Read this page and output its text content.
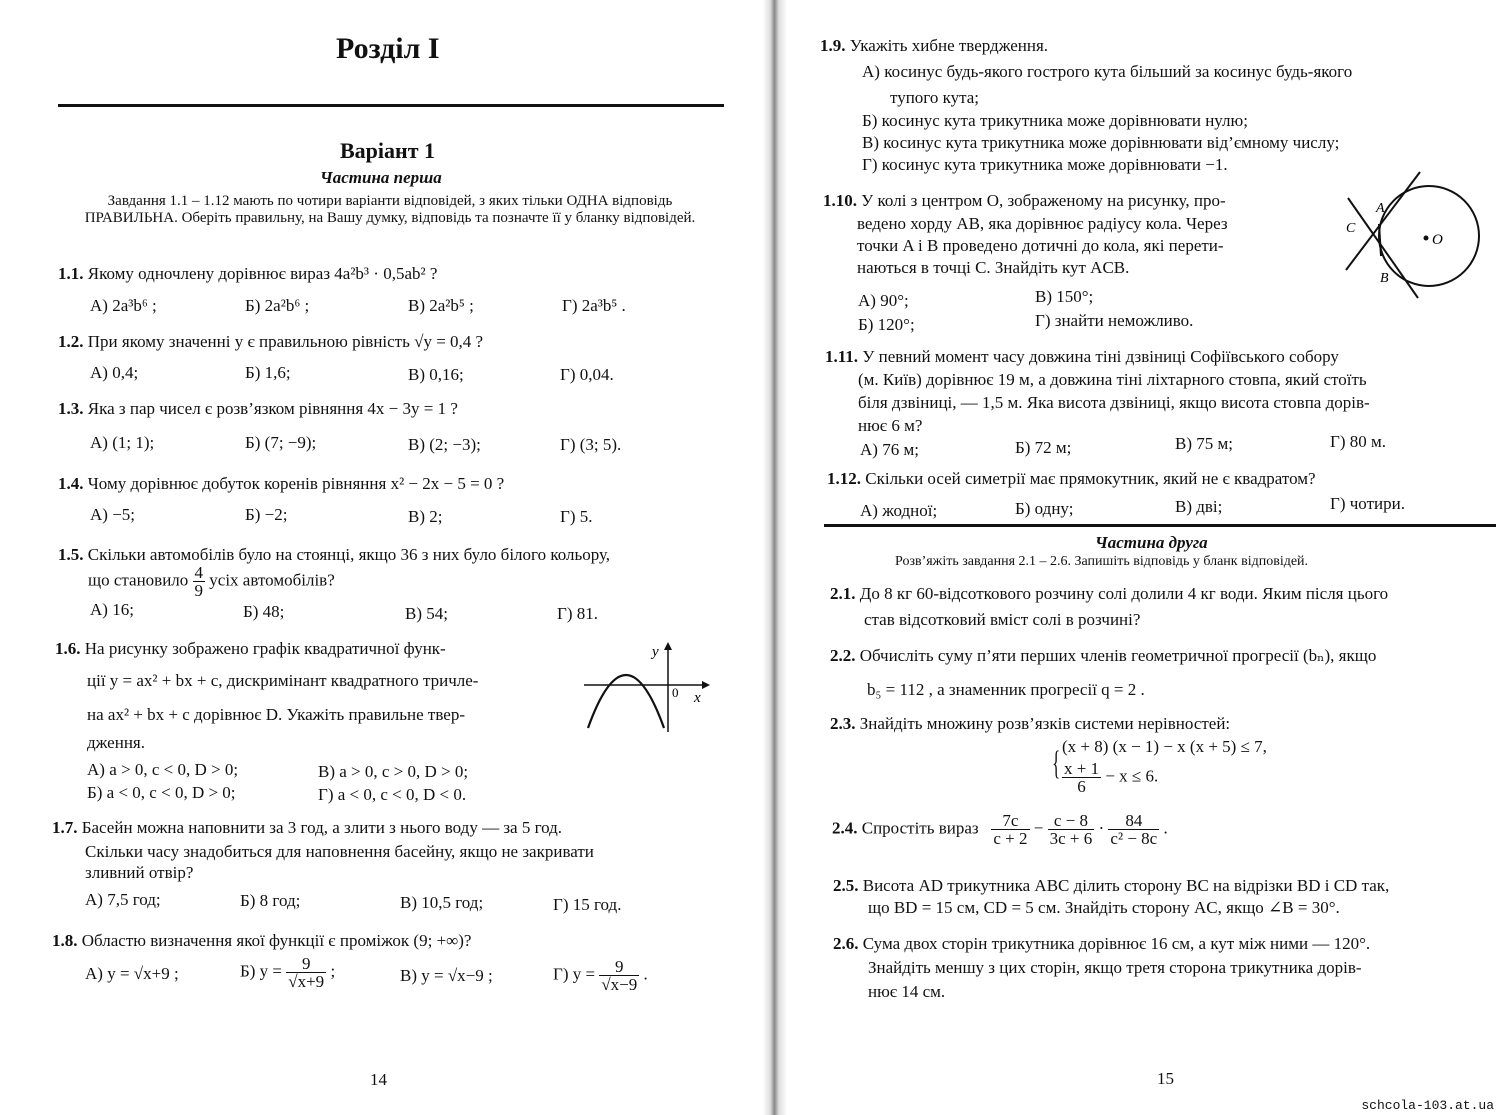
Розділ І
Варіант 1
Частина перша
Завдання 1.1 – 1.12 мають по чотири варіанти відповідей, з яких тільки ОДНА відповідь ПРАВИЛЬНА. Оберіть правильну, на Вашу думку, відповідь та позначте її у бланку відповідей.
1.1. Якому одночлену дорівнює вираз 4a²b³ · 0,5ab² ?
А) 2a³b⁶ ;	Б) 2a²b⁶ ;	В) 2a²b⁵ ;	Г) 2a³b⁵ .
1.2. При якому значенні y є правильною рівність √y = 0,4 ?
А) 0,4;	Б) 1,6;	В) 0,16;	Г) 0,04.
1.3. Яка з пар чисел є розв’язком рівняння 4x − 3y = 1 ?
А) (1; 1);	Б) (7; −9);	В) (2; −3);	Г) (3; 5).
1.4. Чому дорівнює добуток коренів рівняння x² − 2x − 5 = 0 ?
А) −5;	Б) −2;	В) 2;	Г) 5.
1.5. Скільки автомобілів було на стоянці, якщо 36 з них було білого кольору,
що становило $\frac{4}{9}$ усіх автомобілів?
А) 16;	Б) 48;	В) 54;	Г) 81.
1.6. На рисунку зображено графік квадратичної функ-
ції y = ax² + bx + c, дискримінант квадратного тричле-
на ax² + bx + c дорівнює D. Укажіть правильне твер-
дження.
y
x
0
А) a > 0, c < 0, D > 0;	В) a > 0, c > 0, D > 0;
Б) a < 0, c < 0, D > 0;	Г) a < 0, c < 0, D < 0.
1.7. Басейн можна наповнити за 3 год, а злити з нього воду — за 5 год.
Скільки часу знадобиться для наповнення басейну, якщо не закривати
зливний отвір?
А) 7,5 год;	Б) 8 год;	В) 10,5 год;	Г) 15 год.
1.8. Областю визначення якої функції є проміжок (9; +∞)?
А) y = √x+9 ;	Б) $y = \frac{9}{√x+9}$ ;	В) y = √x−9 ;	Г) $y = \frac{9}{√x-9}$ .
14
1.9. Укажіть хибне твердження.
А) косинус будь-якого гострого кута більший за косинус будь-якого
тупого кута;
Б) косинус кута трикутника може дорівнювати нулю;
В) косинус кута трикутника може дорівнювати від’ємному числу;
Г) косинус кута трикутника може дорівнювати −1.
1.10. У колі з центром O, зображеному на рисунку, про-
ведено хорду AB, яка дорівнює радіусу кола. Через
точки A і B проведено дотичні до кола, які перети-
наються в точці C. Знайдіть кут ACB.
A
B
C
O
А) 90°;	В) 150°;
Б) 120°;	Г) знайти неможливо.
1.11. У певний момент часу довжина тіні дзвіниці Софіївського собору
(м. Київ) дорівнює 19 м, а довжина тіні ліхтарного стовпа, який стоїть
біля дзвіниці, — 1,5 м. Яка висота дзвіниці, якщо висота стовпа дорів-
нює 6 м?
А) 76 м;	Б) 72 м;	В) 75 м;	Г) 80 м.
1.12. Скільки осей симетрії має прямокутник, який не є квадратом?
А) жодної;	Б) одну;	В) дві;	Г) чотири.
Частина друга
Розв’яжіть завдання 2.1 – 2.6. Запишіть відповідь у бланк відповідей.
2.1. До 8 кг 60-відсоткового розчину солі долили 4 кг води. Яким після цього
став відсотковий вміст солі в розчині?
2.2. Обчисліть суму п’яти перших членів геометричної прогресії (bₙ), якщо
b₅ = 112 , а знаменник прогресії q = 2 .
2.3. Знайдіть множину розв’язків системи нерівностей:
{ (x + 8) (x − 1) − x (x + 5) ≤ 7,
$\frac{x + 1}{6} - x \le 6$.
2.4. Спростіть вираз $\frac{7c}{c + 2} - \frac{c - 8}{3c + 6} \cdot \frac{84}{\text{c² − 8c}}$ .
2.5. Висота AD трикутника ABC ділить сторону BC на відрізки BD і CD так,
що BD = 15 см, CD = 5 см. Знайдіть сторону AC, якщо ∠B = 30°.
2.6. Сума двох сторін трикутника дорівнює 16 см, а кут між ними — 120°.
Знайдіть меншу з цих сторін, якщо третя сторона трикутника дорів-
нює 14 см.
15
schcola-103.at.ua
